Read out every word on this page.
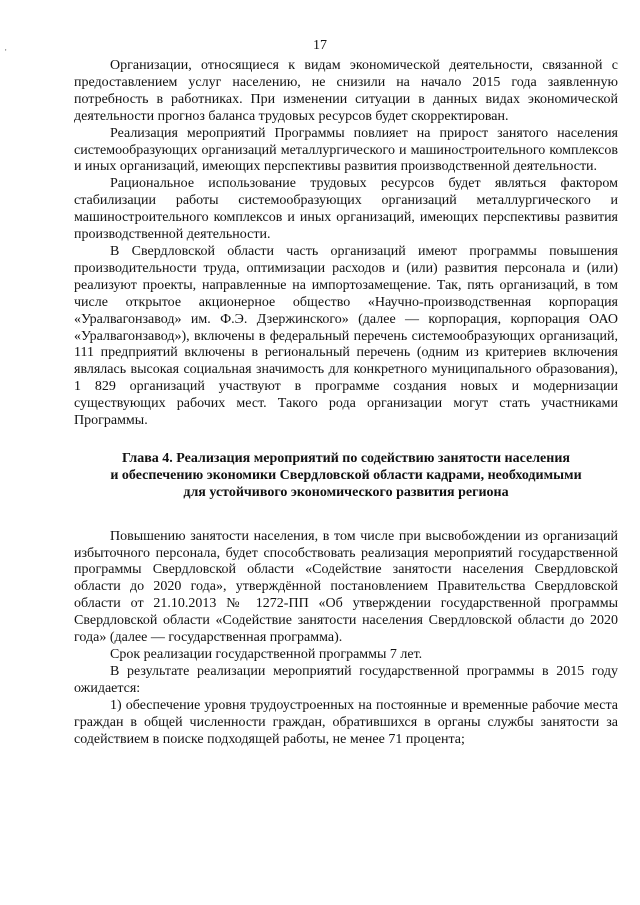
'	17

Организации, относящиеся к видам экономической деятельности, связанной с предоставлением услуг населению, не снизили на начало 2015 года заявленную потребность в работниках. При изменении ситуации в данных видах экономической деятельности прогноз баланса трудовых ресурсов будет скорректирован.

Реализация мероприятий Программы повлияет на прирост занятого населения системообразующих организаций металлургического и машиностроительного комплексов и иных организаций, имеющих перспективы развития производственной деятельности.

Рациональное использование трудовых ресурсов будет являться фактором стабилизации работы системообразующих организаций металлургического и машиностроительного комплексов и иных организаций, имеющих перспективы развития производственной деятельности.

В Свердловской области часть организаций имеют программы повышения производительности труда, оптимизации расходов и (или) развития персонала и (или) реализуют проекты, направленные на импортозамещение. Так, пять организаций, в том числе открытое акционерное общество «Научно-производственная корпорация «Уралвагонзавод» им. Ф.Э. Дзержинского» (далее — корпорация, корпорация ОАО «Уралвагонзавод»), включены в федеральный перечень системообразующих организаций, 111 предприятий включены в региональный перечень (одним из критериев включения являлась высокая социальная значимость для конкретного муниципального образования), 1 829 организаций участвуют в программе создания новых и модернизации существующих рабочих мест. Такого рода организации могут стать участниками Программы.

Глава 4. Реализация мероприятий по содействию занятости населения
и обеспечению экономики Свердловской области кадрами, необходимыми
для устойчивого экономического развития региона

Повышению занятости населения, в том числе при высвобождении из организаций избыточного персонала, будет способствовать реализация мероприятий государственной программы Свердловской области «Содействие занятости населения Свердловской области до 2020 года», утверждённой постановлением Правительства Свердловской области от 21.10.2013 № 1272-ПП «Об утверждении государственной программы Свердловской области «Содействие занятости населения Свердловской области до 2020 года» (далее — государственная программа).

Срок реализации государственной программы 7 лет.

В результате реализации мероприятий государственной программы в 2015 году ожидается:

1) обеспечение уровня трудоустроенных на постоянные и временные рабочие места граждан в общей численности граждан, обратившихся в органы службы занятости за содействием в поиске подходящей работы, не менее 71 процента;
